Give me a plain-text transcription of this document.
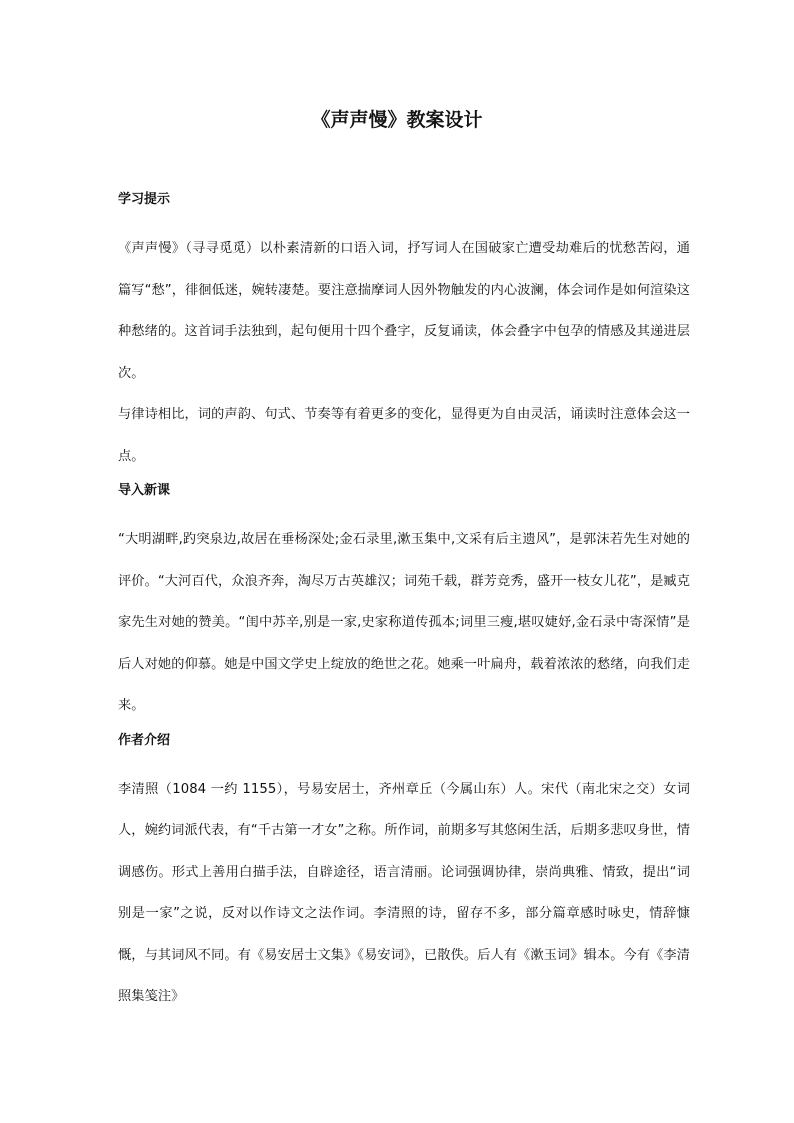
《声声慢》教案设计
学习提示

《声声慢》（寻寻觅觅）以朴素清新的口语入词，抒写词人在国破家亡遭受劫难后的忧愁苦闷，通篇写“愁”，徘徊低迷，婉转凄楚。要注意揣摩词人因外物触发的内心波澜，体会词作是如何渲染这种愁绪的。这首词手法独到，起句便用十四个叠字，反复诵读，体会叠字中包孕的情感及其递进层次。

与律诗相比，词的声韵、句式、节奏等有着更多的变化，显得更为自由灵活，诵读时注意体会这一点。

导入新课

“大明湖畔,趵突泉边,故居在垂杨深处;金石录里,漱玉集中,文采有后主遗风”，是郭沫若先生对她的评价。“大河百代，众浪齐奔，淘尽万古英雄汉；词苑千载，群芳竞秀，盛开一枝女儿花”，是臧克家先生对她的赞美。“闺中苏辛,别是一家,史家称道传孤本;词里三瘦,堪叹婕妤,金石录中寄深情”是后人对她的仰慕。她是中国文学史上绽放的绝世之花。她乘一叶扁舟，载着浓浓的愁绪，向我们走来。

作者介绍

李清照（1084 一约 1155），号易安居士，齐州章丘（今属山东）人。宋代（南北宋之交）女词人，婉约词派代表，有“千古第一才女”之称。所作词，前期多写其悠闲生活，后期多悲叹身世，情调感伤。形式上善用白描手法，自辟途径，语言清丽。论词强调协律，崇尚典雅、情致，提出“词别是一家”之说，反对以作诗文之法作词。李清照的诗，留存不多，部分篇章感时咏史，情辞慷慨，与其词风不同。有《易安居士文集》《易安词》，已散佚。后人有《漱玉词》辑本。今有《李清照集笺注》
